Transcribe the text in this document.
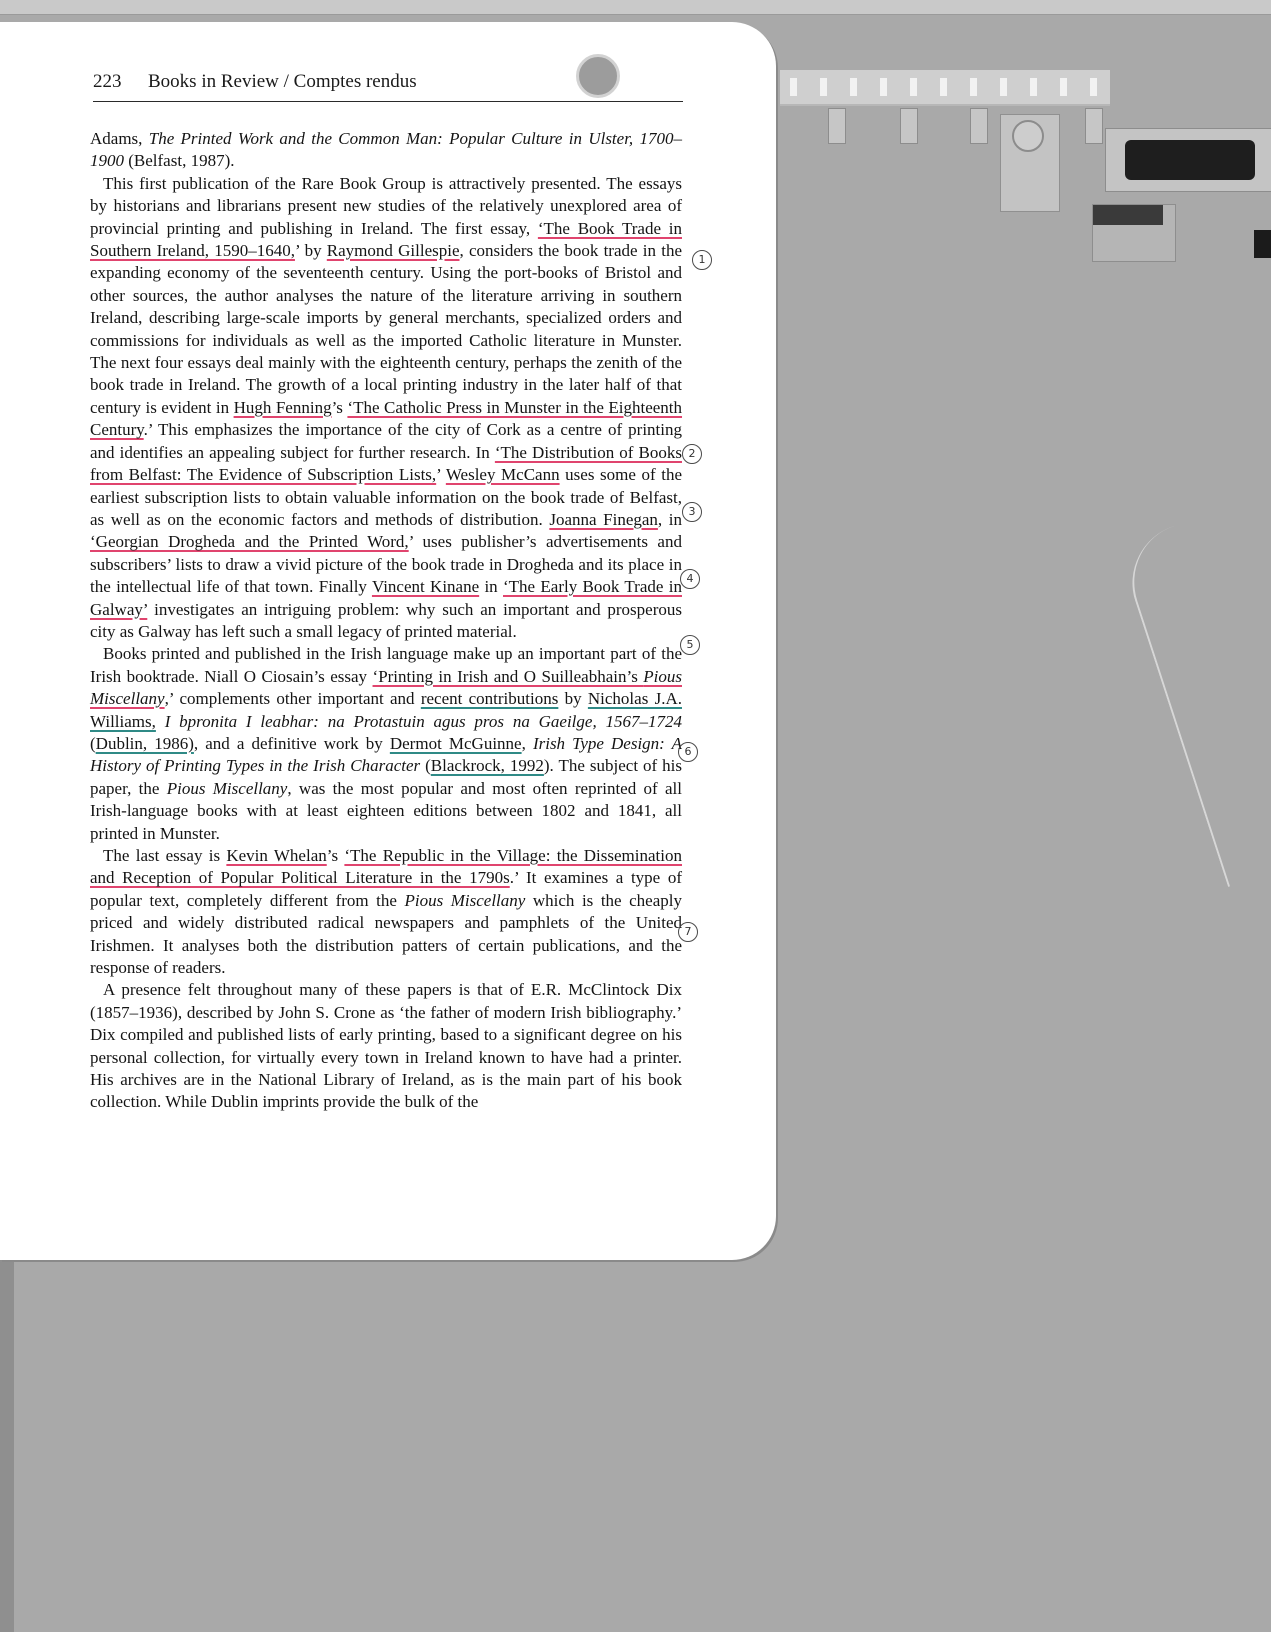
223 Books in Review / Comptes rendus

Adams, The Printed Work and the Common Man: Popular Culture in Ulster, 1700–1900 (Belfast, 1987).

This first publication of the Rare Book Group is attractively presented. The essays by historians and librarians present new studies of the relatively unexplored area of provincial printing and publishing in Ireland. The first essay, ‘The Book Trade in Southern Ireland, 1590–1640,’ by Raymond Gillespie, considers the book trade in the expanding economy of the seventeenth century. Using the port-books of Bristol and other sources, the author analyses the nature of the literature arriving in southern Ireland, describing large-scale imports by general merchants, specialized orders and commissions for individuals as well as the imported Catholic literature in Munster. The next four essays deal mainly with the eighteenth century, perhaps the zenith of the book trade in Ireland. The growth of a local printing industry in the later half of that century is evident in Hugh Fenning’s ‘The Catholic Press in Munster in the Eighteenth Century.’ This emphasizes the importance of the city of Cork as a centre of printing and identifies an appealing subject for further research. In ‘The Distribution of Books from Belfast: The Evidence of Subscription Lists,’ Wesley McCann uses some of the earliest subscription lists to obtain valuable information on the book trade of Belfast, as well as on the economic factors and methods of distribution. Joanna Finegan, in ‘Georgian Drogheda and the Printed Word,’ uses publisher’s advertisements and subscribers’ lists to draw a vivid picture of the book trade in Drogheda and its place in the intellectual life of that town. Finally Vincent Kinane in ‘The Early Book Trade in Galway’ investigates an intriguing problem: why such an important and prosperous city as Galway has left such a small legacy of printed material.

Books printed and published in the Irish language make up an important part of the Irish booktrade. Niall O Ciosain’s essay ‘Printing in Irish and O Suilleabhain’s Pious Miscellany,’ complements other important and recent contributions by Nicholas J.A. Williams, I bpronita I leabhar: na Protastuin agus pros na Gaeilge, 1567–1724 (Dublin, 1986), and a definitive work by Dermot McGuinne, Irish Type Design: A History of Printing Types in the Irish Character (Blackrock, 1992). The subject of his paper, the Pious Miscellany, was the most popular and most often reprinted of all Irish-language books with at least eighteen editions between 1802 and 1841, all printed in Munster.

The last essay is Kevin Whelan’s ‘The Republic in the Village: the Dissemination and Reception of Popular Political Literature in the 1790s.’ It examines a type of popular text, completely different from the Pious Miscellany which is the cheaply priced and widely distributed radical newspapers and pamphlets of the United Irishmen. It analyses both the distribution patters of certain publications, and the response of readers.

A presence felt throughout many of these papers is that of E.R. McClintock Dix (1857–1936), described by John S. Crone as ‘the father of modern Irish bibliography.’ Dix compiled and published lists of early printing, based to a significant degree on his personal collection, for virtually every town in Ireland known to have had a printer. His archives are in the National Library of Ireland, as is the main part of his book collection. While Dublin imprints provide the bulk of the

1
2
3
4
5
6
7
